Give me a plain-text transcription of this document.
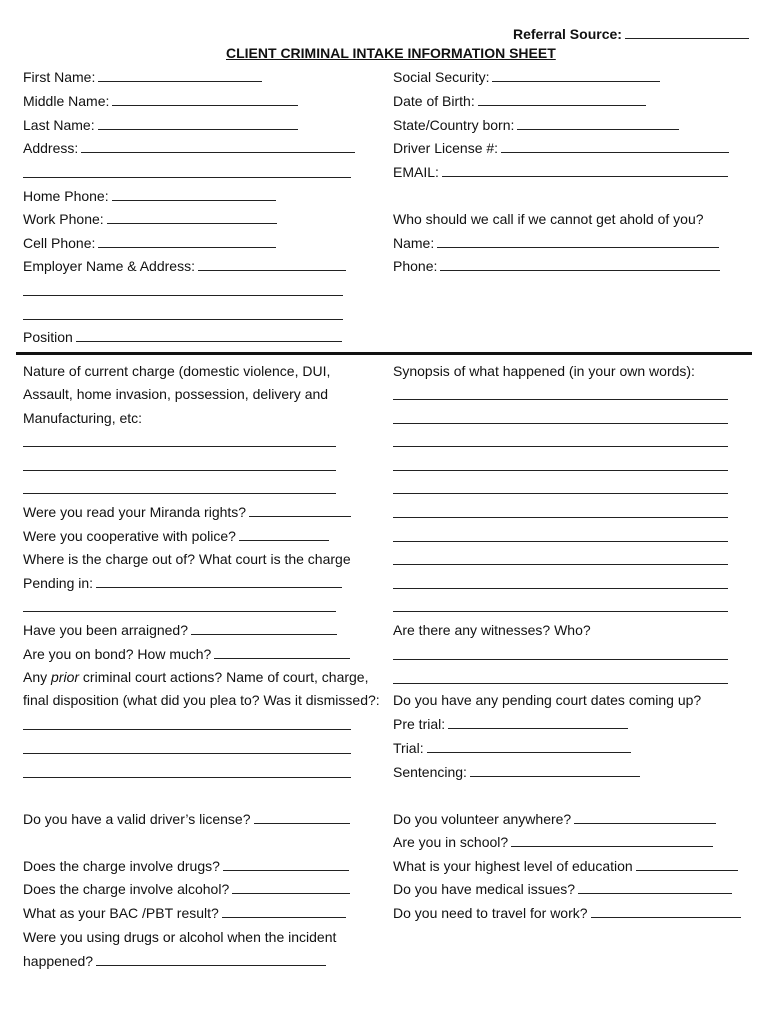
Referral Source:
CLIENT CRIMINAL INTAKE INFORMATION SHEET
First Name:
Middle Name:
Last Name:
Address:
Home Phone:
Work Phone:
Cell Phone:
Employer Name & Address:
Position
Social Security:
Date of Birth:
State/Country born:
Driver License #:
EMAIL:
Who should we call if we cannot get ahold of you?
Name:
Phone:
Nature of current charge (domestic violence, DUI,
Assault, home invasion, possession, delivery and
Manufacturing, etc:
Were you read your Miranda rights?
Were you cooperative with police?
Where is the charge out of? What court is the charge
Pending in:
Have you been arraigned?
Are you on bond? How much?
Any prior criminal court actions? Name of court, charge,
final disposition (what did you plea to? Was it dismissed?:
Do you have a valid driver’s license?
Does the charge involve drugs?
Does the charge involve alcohol?
What as your BAC /PBT result?
Were you using drugs or alcohol when the incident
happened?
Synopsis of what happened (in your own words):
Are there any witnesses? Who?
Do you have any pending court dates coming up?
Pre trial:
Trial:
Sentencing:
Do you volunteer anywhere?
Are you in school?
What is your highest level of education
Do you have medical issues?
Do you need to travel for work?
